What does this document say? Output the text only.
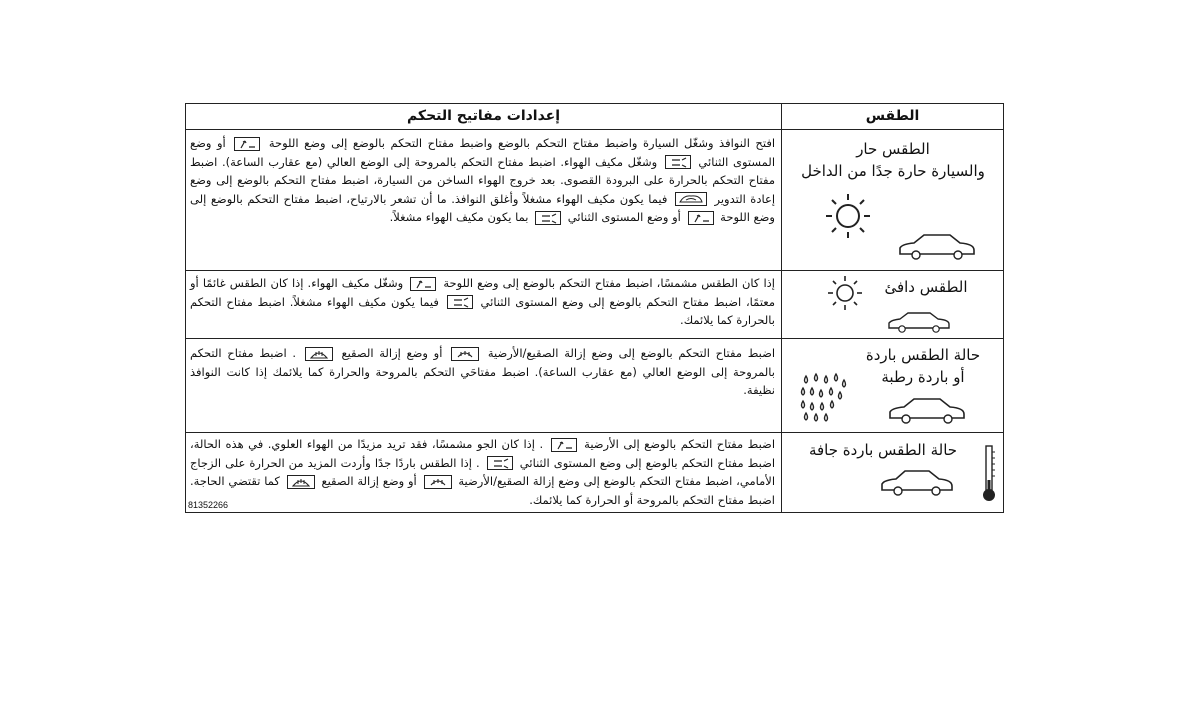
الطقس
إعدادات مفاتيح التحكم
افتح النوافذ وشغّل السيارة واضبط مفتاح التحكم بالوضع واضبط مفتاح التحكم بالوضع إلى وضع اللوحة
أو وضع المستوى الثنائي
وشغّل مكيف الهواء. اضبط مفتاح التحكم بالمروحة إلى الوضع العالي (مع عقارب الساعة). اضبط مفتاح التحكم بالحرارة على البرودة القصوى. بعد خروج الهواء الساخن من السيارة، اضبط مفتاح التحكم بالوضع إلى وضع إعادة التدوير
فيما يكون مكيف الهواء مشغلاً وأغلق النوافذ. ما أن تشعر بالارتياح، اضبط مفتاح التحكم بالوضع إلى وضع اللوحة
أو وضع المستوى الثنائي
بما يكون مكيف الهواء مشغلاً.
الطقس حار
والسيارة حارة جدًا من الداخل
إذا كان الطقس مشمسًا، اضبط مفتاح التحكم بالوضع إلى وضع اللوحة
وشغّل مكيف الهواء. إذا كان الطقس غائمًا أو معتمًا، اضبط مفتاح التحكم بالوضع إلى وضع المستوى الثنائي
فيما يكون مكيف الهواء مشغلاً. اضبط مفتاح التحكم بالحرارة كما يلائمك.
الطقس دافئ
اضبط مفتاح التحكم بالوضع إلى وضع إزالة الصقيع/الأرضية
أو وضع إزالة الصقيع
. اضبط مفتاح التحكم بالمروحة إلى الوضع العالي (مع عقارب الساعة). اضبط مفتاحَي التحكم بالمروحة والحرارة كما يلائمك إذا كانت النوافذ نظيفة.
حالة الطقس باردة
أو باردة رطبة
اضبط مفتاح التحكم بالوضع إلى الأرضية
. إذا كان الجو مشمسًا، فقد تريد مزيدًا من الهواء العلوي. في هذه الحالة، اضبط مفتاح التحكم بالوضع إلى وضع المستوى الثنائي
. إذا الطقس باردًا جدًا وأردت المزيد من الحرارة على الزجاج الأمامي، اضبط مفتاح التحكم بالوضع إلى وضع إزالة الصقيع/الأرضية
أو وضع إزالة الصقيع
كما تقتضي الحاجة. اضبط مفتاح التحكم بالمروحة أو الحرارة كما يلائمك.
حالة الطقس باردة جافة
81352266
